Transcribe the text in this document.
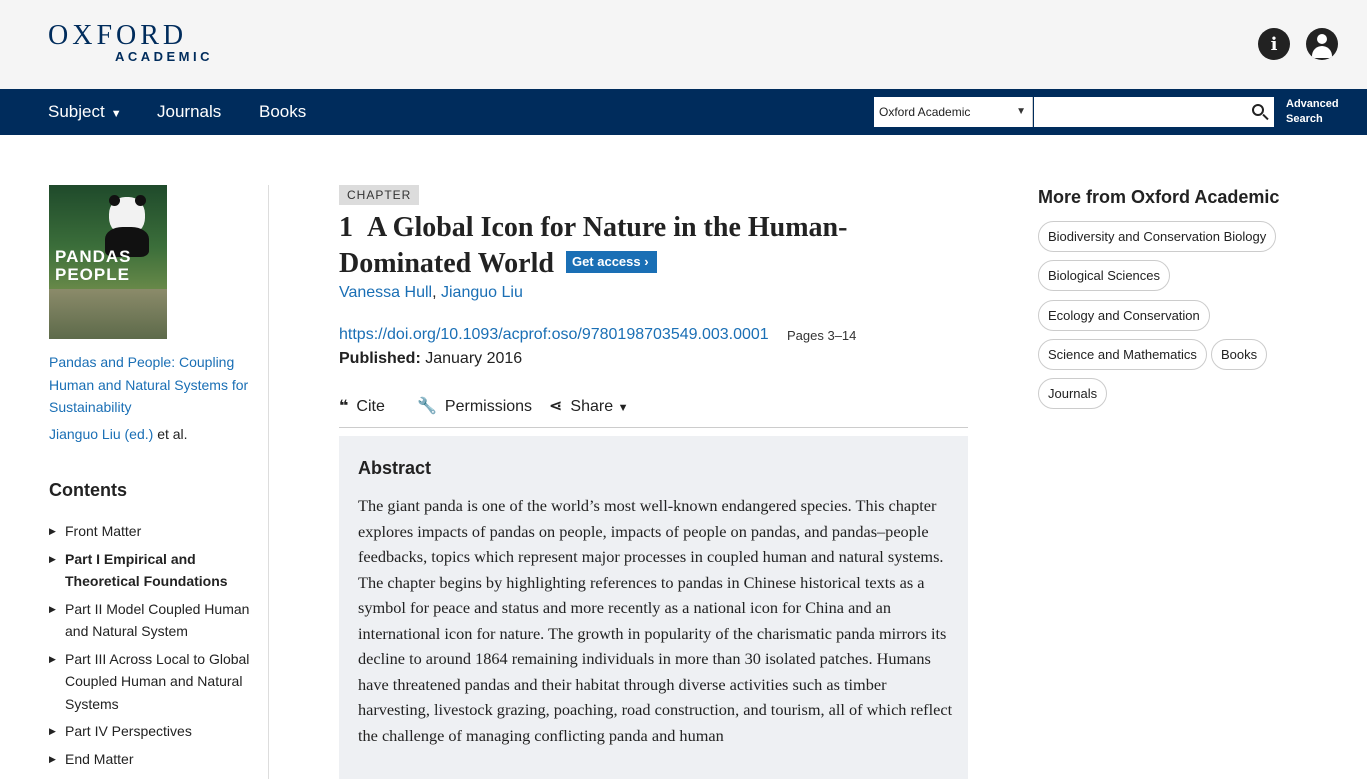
OXFORD
ACADEMIC
i
Subject ▼ Journals Books	Oxford Academic	▼
Advanced Search
PANDAS
PEOPLE
Pandas and People: Coupling Human and Natural Systems for Sustainability
Jianguo Liu (ed.) et al.
Contents
▶ Front Matter
▶ Part I Empirical and Theoretical Foundations
▶ Part II Model Coupled Human and Natural System
▶ Part III Across Local to Global Coupled Human and Natural Systems
▶ Part IV Perspectives
▶ End Matter
CHAPTER
1 A Global Icon for Nature in the Human-Dominated World Get access ›
Vanessa Hull, Jianguo Liu
https://doi.org/10.1093/acprof:oso/9780198703549.003.0001 Pages 3–14
Published: January 2016
❝ Cite 🔧 Permissions ⋖ Share ▼
Abstract
The giant panda is one of the world’s most well-known endangered species. This chapter explores impacts of pandas on people, impacts of people on pandas, and pandas–people feedbacks, topics which represent major processes in coupled human and natural systems. The chapter begins by highlighting references to pandas in Chinese historical texts as a symbol for peace and status and more recently as a national icon for China and an international icon for nature. The growth in popularity of the charismatic panda mirrors its decline to around 1864 remaining individuals in more than 30 isolated patches. Humans have threatened pandas and their habitat through diverse activities such as timber harvesting, livestock grazing, poaching, road construction, and tourism, all of which reflect the challenge of managing conflicting panda and human
More from Oxford Academic
Biodiversity and Conservation Biology
Biological Sciences
Ecology and Conservation
Science and Mathematics	Books
Journals
